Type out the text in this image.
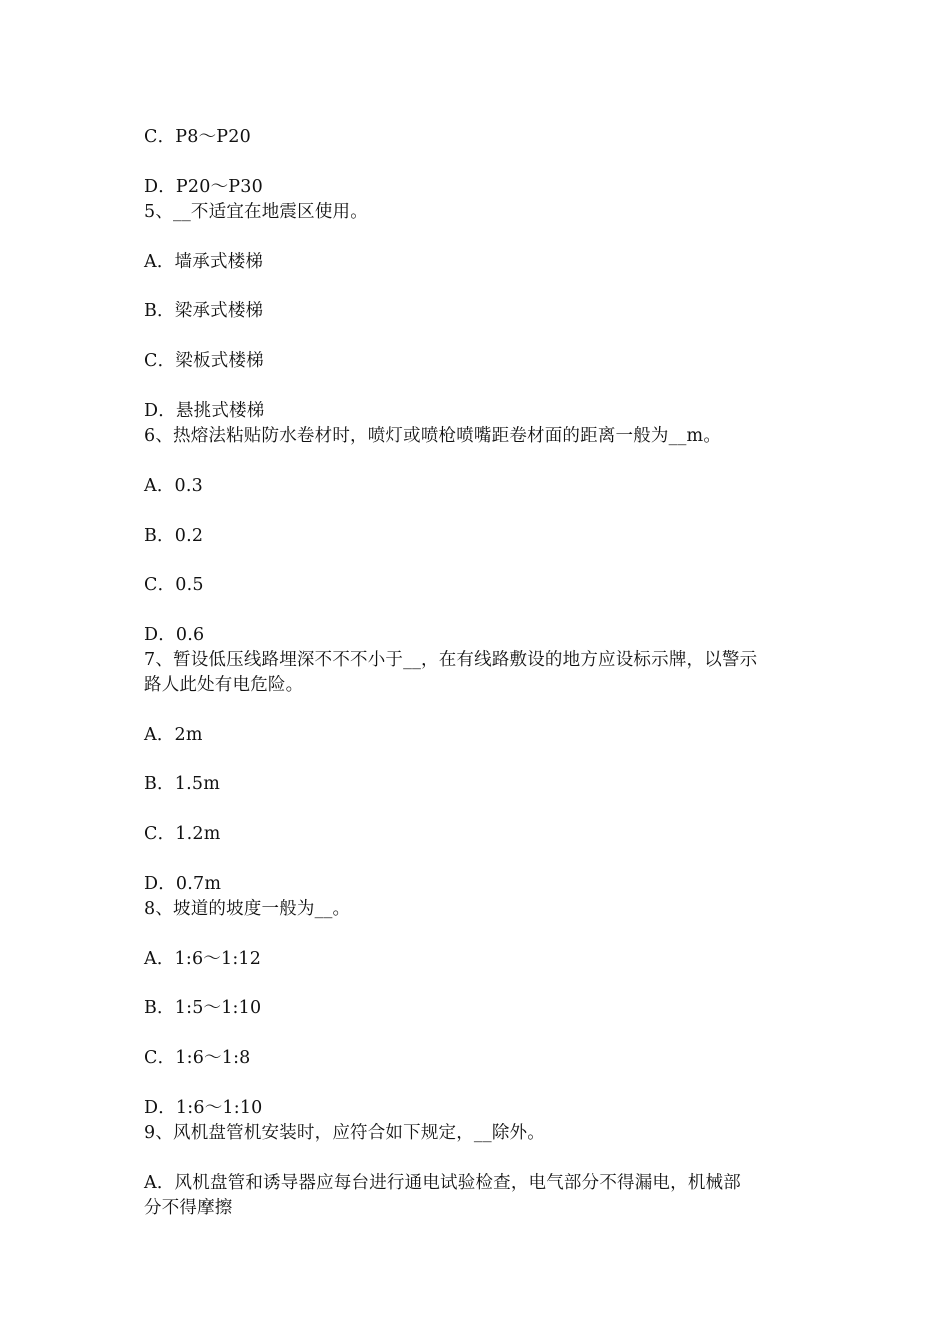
C．P8～P20
D．P20～P30
5、__不适宜在地震区使用。
A．墙承式楼梯
B．梁承式楼梯
C．梁板式楼梯
D．悬挑式楼梯
6、热熔法粘贴防水卷材时，喷灯或喷枪喷嘴距卷材面的距离一般为__m。
A．0.3
B．0.2
C．0.5
D．0.6
7、暂设低压线路埋深不不不小于__，在有线路敷设的地方应设标示牌，以警示
路人此处有电危险。
A．2m
B．1.5m
C．1.2m
D．0.7m
8、坡道的坡度一般为__。
A．1:6～1:12
B．1:5～1:10
C．1:6～1:8
D．1:6～1:10
9、风机盘管机安装时，应符合如下规定，__除外。
A．风机盘管和诱导器应每台进行通电试验检查，电气部分不得漏电，机械部
分不得摩擦
